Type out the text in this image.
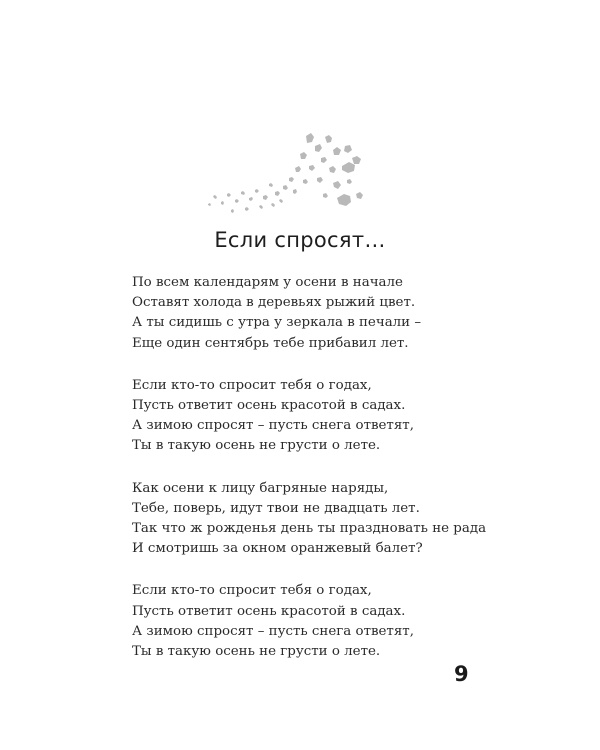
Если спросят…
По всем календарям у осени в начале
Оставят холода в деревьях рыжий цвет.
А ты сидишь с утра у зеркала в печали –
Еще один сентябрь тебе прибавил лет.
Если кто-то спросит тебя о годах,
Пусть ответит осень красотой в садах.
А зимою спросят – пусть снега ответят,
Ты в такую осень не грусти о лете.
Как осени к лицу багряные наряды,
Тебе, поверь, идут твои не двадцать лет.
Так что ж рожденья день ты праздновать не рада
И смотришь за окном оранжевый балет?
Если кто-то спросит тебя о годах,
Пусть ответит осень красотой в садах.
А зимою спросят – пусть снега ответят,
Ты в такую осень не грусти о лете.
9
